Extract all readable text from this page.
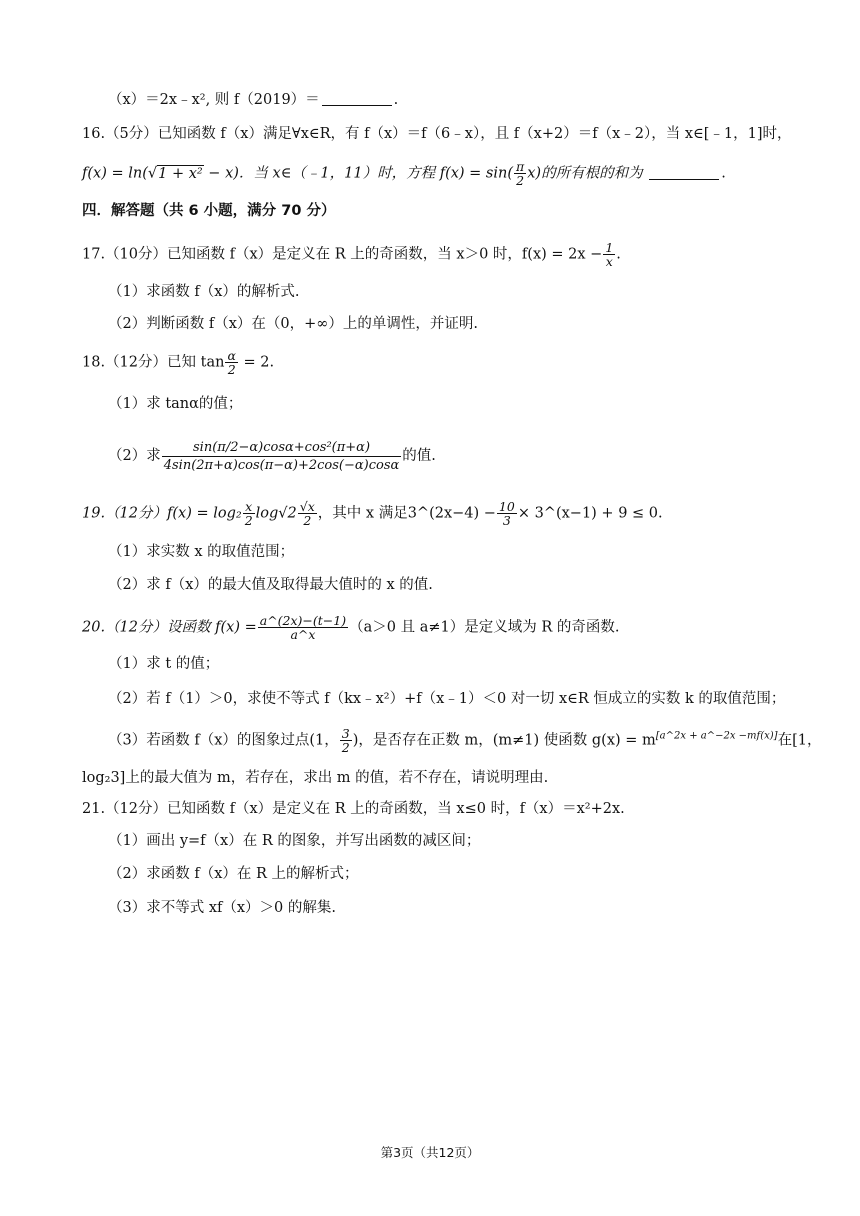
（x）＝2x﹣x², 则 f（2019）＝	.
16.（5分）已知函数 f（x）满足∀x∈R，有 f（x）＝f（6﹣x），且 f（x+2）＝f（x﹣2），当 x∈[﹣1，1]时，
f(x) = ln(√1 + x² − x)．当 x∈（﹣1，11）时，方程 $f(x) = \sin( \frac{\pi}{2} x)$的所有根的和为	.
四．解答题（共 6 小题，满分 70 分）
17.（10分）已知函数 f（x）是定义在 R 上的奇函数，当 x＞0 时，$f(x) = 2x - \frac{1}{x}$ .
（1）求函数 f（x）的解析式.
（2）判断函数 f（x）在（0，+∞）上的单调性，并证明.
18.（12分）已知 $\tan \frac{\alpha}{2} = 2$.
（1）求 tanα的值；
（2）求 $\frac{\text{sin(π/2−α)cosα+cos²(π+α)}}{4\sin(2\pi+\alpha)\cos(\pi-\alpha)+2\cos(-\alpha)\cos\alpha}$ 的值.
19.（12分）$f(x) = \log_2 \frac{x}{2} \log√2 \frac{√x}{2}$ ，其中 x 满足3^(2x−4) − $\frac{10}{3}$ × 3^(x−1) + 9 ≤ 0.
（1）求实数 x 的取值范围；
（2）求 f（x）的最大值及取得最大值时的 x 的值.
20.（12分）设函数 $f(x) = \frac{a\^{}(2x)-(t-1)}{a\^{}x} (a>0$ 且 a≠1）是定义域为 R 的奇函数.
（1）求 t 的值；
（2）若 f（1）＞0，求使不等式 f（kx﹣x²）+f（x﹣1）＜0 对一切 x∈R 恒成立的实数 k 的取值范围；
（3）若函数 f（x）的图象过点(1， $\frac{3}{2}$ )，是否存在正数 m，(m≠1) 使函数 g(x) = m[a^2x + a^−2x −mf(x)]在[1，
log₂3]上的最大值为 m，若存在，求出 m 的值，若不存在，请说明理由.
21.（12分）已知函数 f（x）是定义在 R 上的奇函数，当 x≤0 时，f（x）＝x²+2x.
（1）画出 y=f（x）在 R 的图象，并写出函数的减区间；
（2）求函数 f（x）在 R 上的解析式；
（3）求不等式 xf（x）＞0 的解集.
第3页（共12页）
